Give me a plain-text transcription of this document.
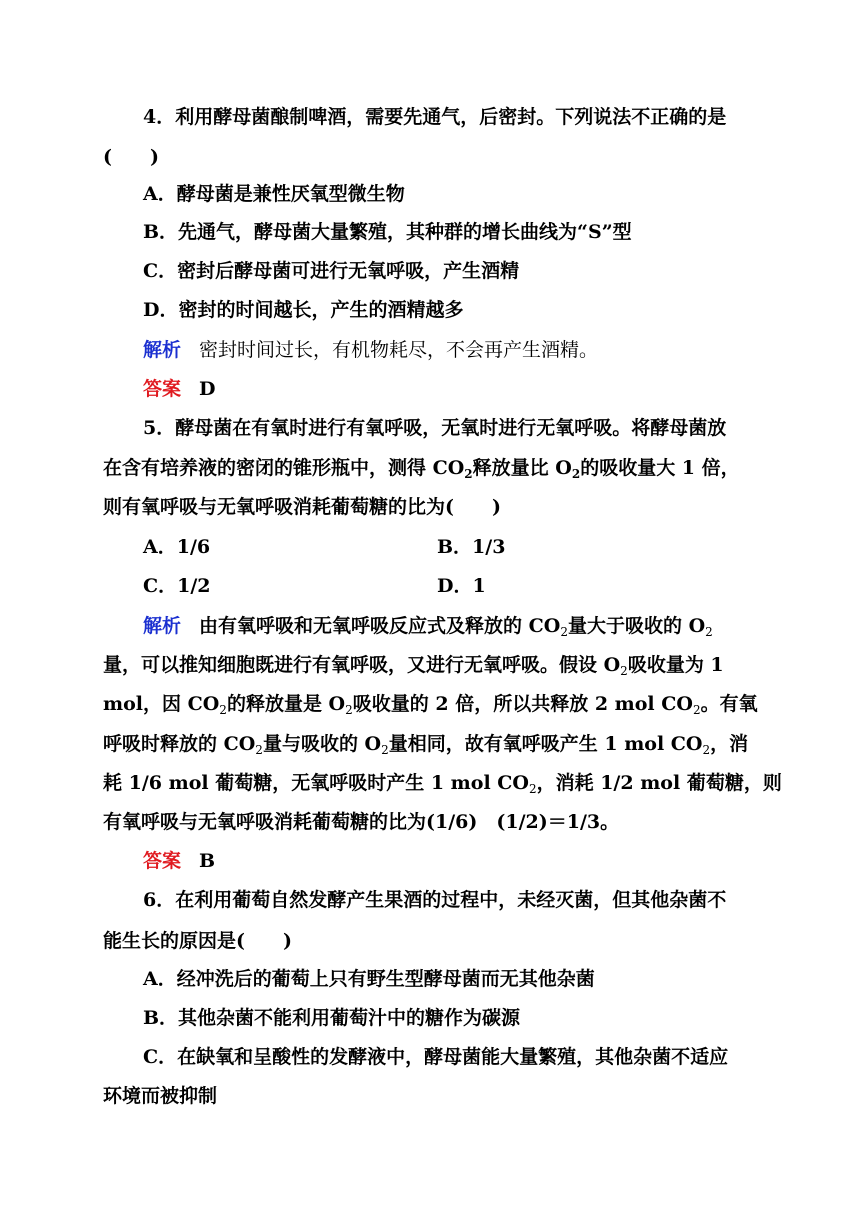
4．利用酵母菌酿制啤酒，需要先通气，后密封。下列说法不正确的是
(　　)
A．酵母菌是兼性厌氧型微生物
B．先通气，酵母菌大量繁殖，其种群的增长曲线为“S”型
C．密封后酵母菌可进行无氧呼吸，产生酒精
D．密封的时间越长，产生的酒精越多
解析 密封时间过长，有机物耗尽，不会再产生酒精。
答案 D
5．酵母菌在有氧时进行有氧呼吸，无氧时进行无氧呼吸。将酵母菌放
在含有培养液的密闭的锥形瓶中，测得 $CO_2$释放量比 $O_2$的吸收量大 1 倍，
则有氧呼吸与无氧呼吸消耗葡萄糖的比为(　　)
A．1/6	B．1/3
C．1/2	D．1
解析 由有氧呼吸和无氧呼吸反应式及释放的 $CO_2$量大于吸收的 $O_2$
量，可以推知细胞既进行有氧呼吸，又进行无氧呼吸。假设 $O_2$吸收量为 1
mol，因 $CO_2$的释放量是 $O_2$吸收量的 2 倍，所以共释放 2 mol $CO_2$。有氧
呼吸时释放的 $CO_2$量与吸收的 $O_2$量相同，故有氧呼吸产生 1 mol $CO_2$，消
耗 1/6 mol 葡萄糖，无氧呼吸时产生 1 mol $CO_2$，消耗 1/2 mol 葡萄糖，则
有氧呼吸与无氧呼吸消耗葡萄糖的比为(1/6)　(1/2)＝1/3。
答案 B
6．在利用葡萄自然发酵产生果酒的过程中，未经灭菌，但其他杂菌不
能生长的原因是(　　)
A．经冲洗后的葡萄上只有野生型酵母菌而无其他杂菌
B．其他杂菌不能利用葡萄汁中的糖作为碳源
C．在缺氧和呈酸性的发酵液中，酵母菌能大量繁殖，其他杂菌不适应
环境而被抑制
